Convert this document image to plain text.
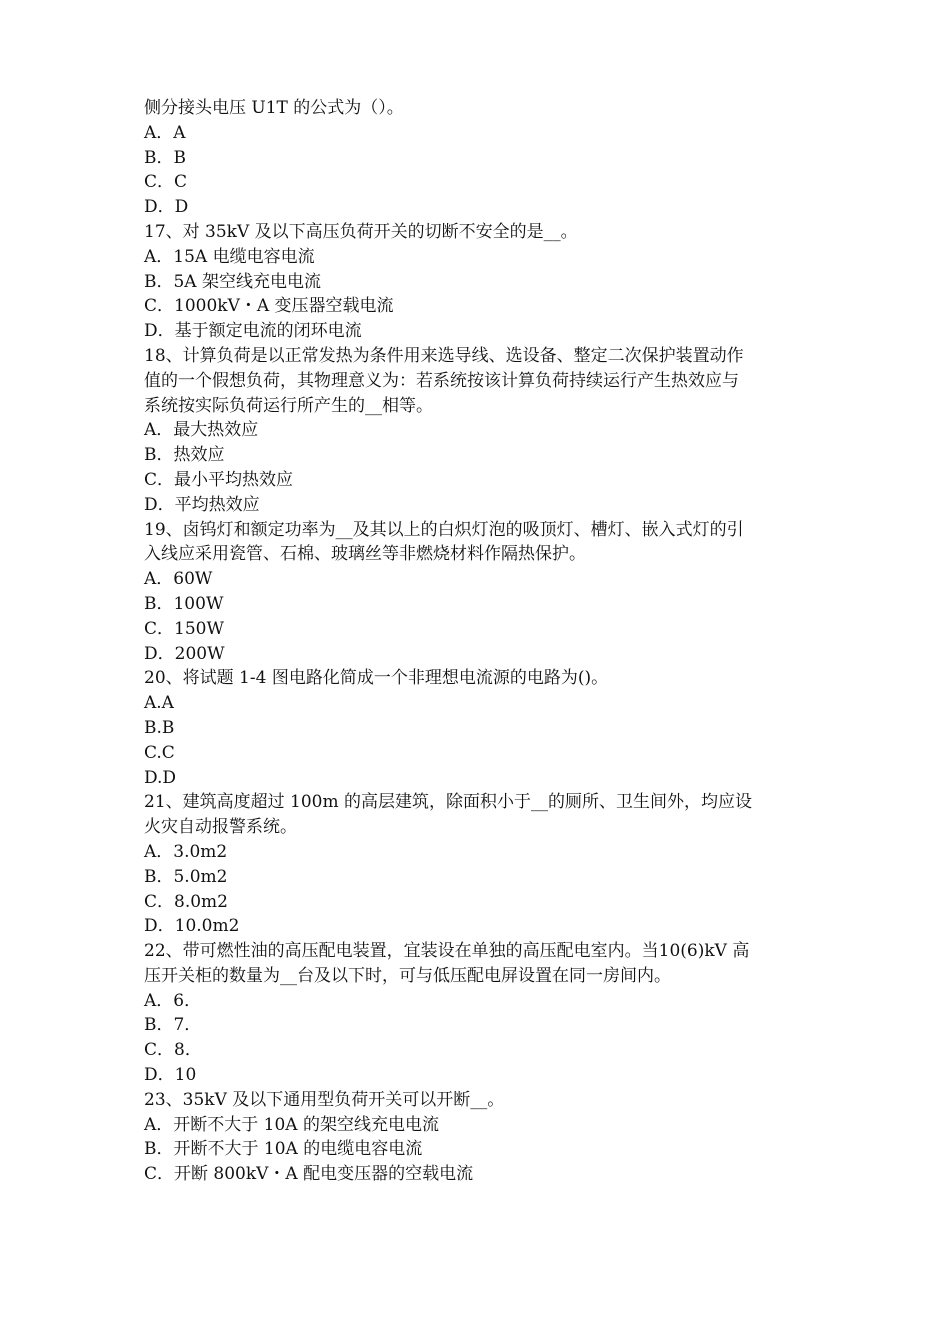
侧分接头电压 U1T 的公式为（）。

A．A

B．B

C．C

D．D

17、对 35kV 及以下高压负荷开关的切断不安全的是__。

A．15A 电缆电容电流

B．5A 架空线充电电流

C．1000kV・A 变压器空载电流

D．基于额定电流的闭环电流

18、计算负荷是以正常发热为条件用来选导线、选设备、整定二次保护装置动作

值的一个假想负荷，其物理意义为：若系统按该计算负荷持续运行产生热效应与

系统按实际负荷运行所产生的__相等。

A．最大热效应

B．热效应

C．最小平均热效应

D．平均热效应

19、卤钨灯和额定功率为__及其以上的白炽灯泡的吸顶灯、槽灯、嵌入式灯的引

入线应采用瓷管、石棉、玻璃丝等非燃烧材料作隔热保护。

A．60W

B．100W

C．150W

D．200W

20、将试题 1-4 图电路化简成一个非理想电流源的电路为()。

A.A

B.B

C.C

D.D

21、建筑高度超过 100m 的高层建筑，除面积小于__的厕所、卫生间外，均应设

火灾自动报警系统。

A．3.0m2

B．5.0m2

C．8.0m2

D．10.0m2

22、带可燃性油的高压配电装置，宜装设在单独的高压配电室内。当10(6)kV 高

压开关柜的数量为__台及以下时，可与低压配电屏设置在同一房间内。

A．6．

B．7．

C．8．

D．10

23、35kV 及以下通用型负荷开关可以开断__。

A．开断不大于 10A 的架空线充电电流

B．开断不大于 10A 的电缆电容电流

C．开断 800kV・A 配电变压器的空载电流
